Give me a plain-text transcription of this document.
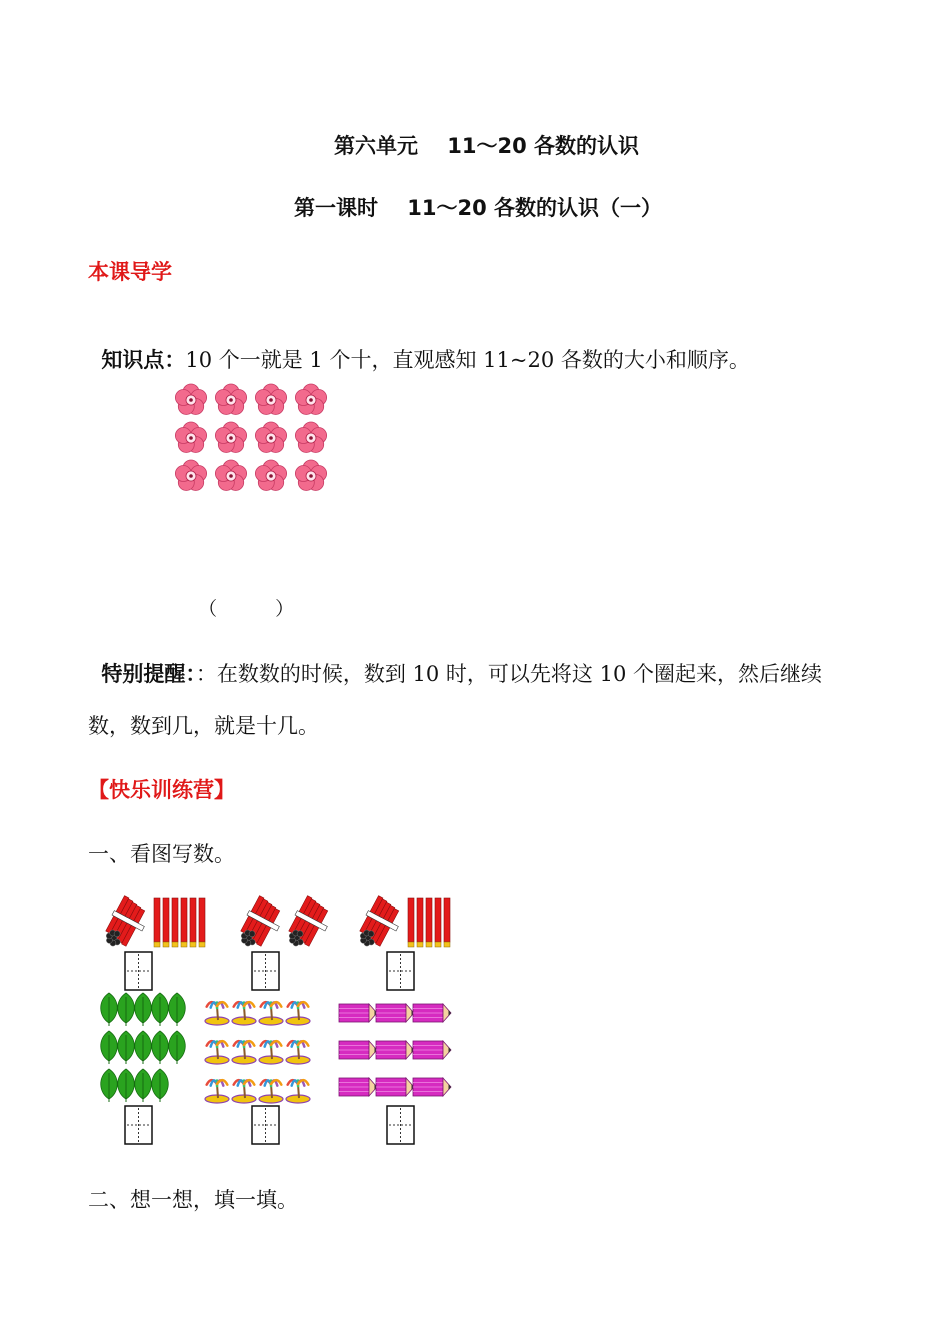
第六单元    11～20 各数的认识
第一课时    11～20 各数的认识（一）
本课导学

知识点：10 个一就是 1 个十，直观感知 11~20 各数的大小和顺序。

（	）

特别提醒：：在数数的时候，数到 10 时，可以先将这 10 个圈起来，然后继续

数，数到几，就是十几。
【快乐训练营】
一、看图写数。
二、想一想，填一填。
